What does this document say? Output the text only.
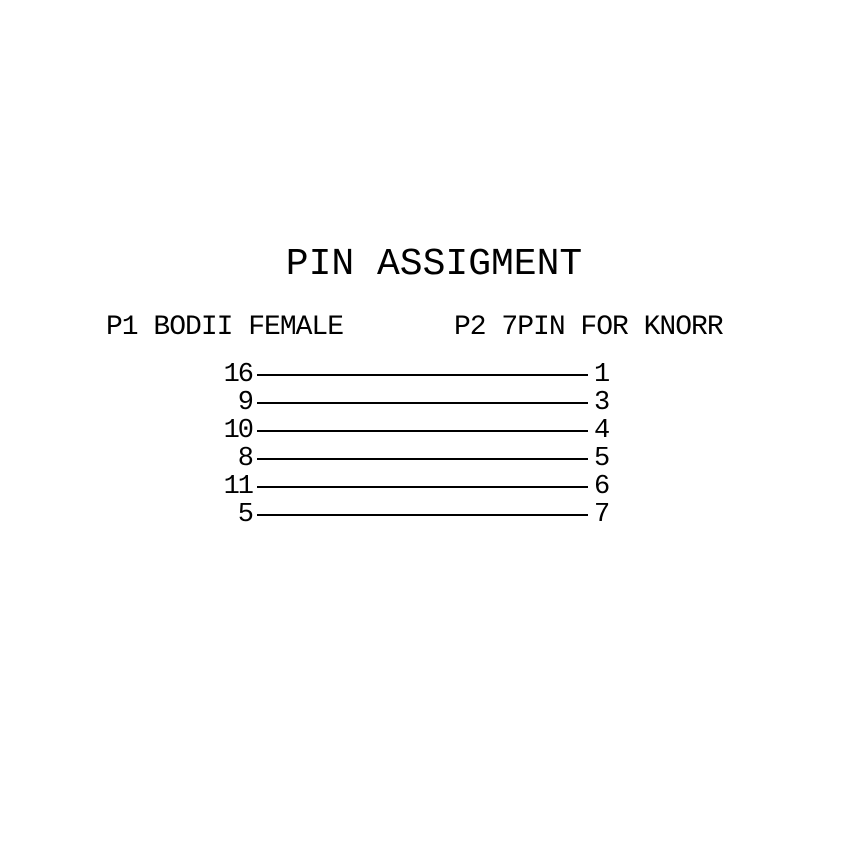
PIN ASSIGMENT
P1 BODII FEMALE	P2 7PIN FOR KNORR
16	1
9	3
10	4
8	5
11	6
5	7
